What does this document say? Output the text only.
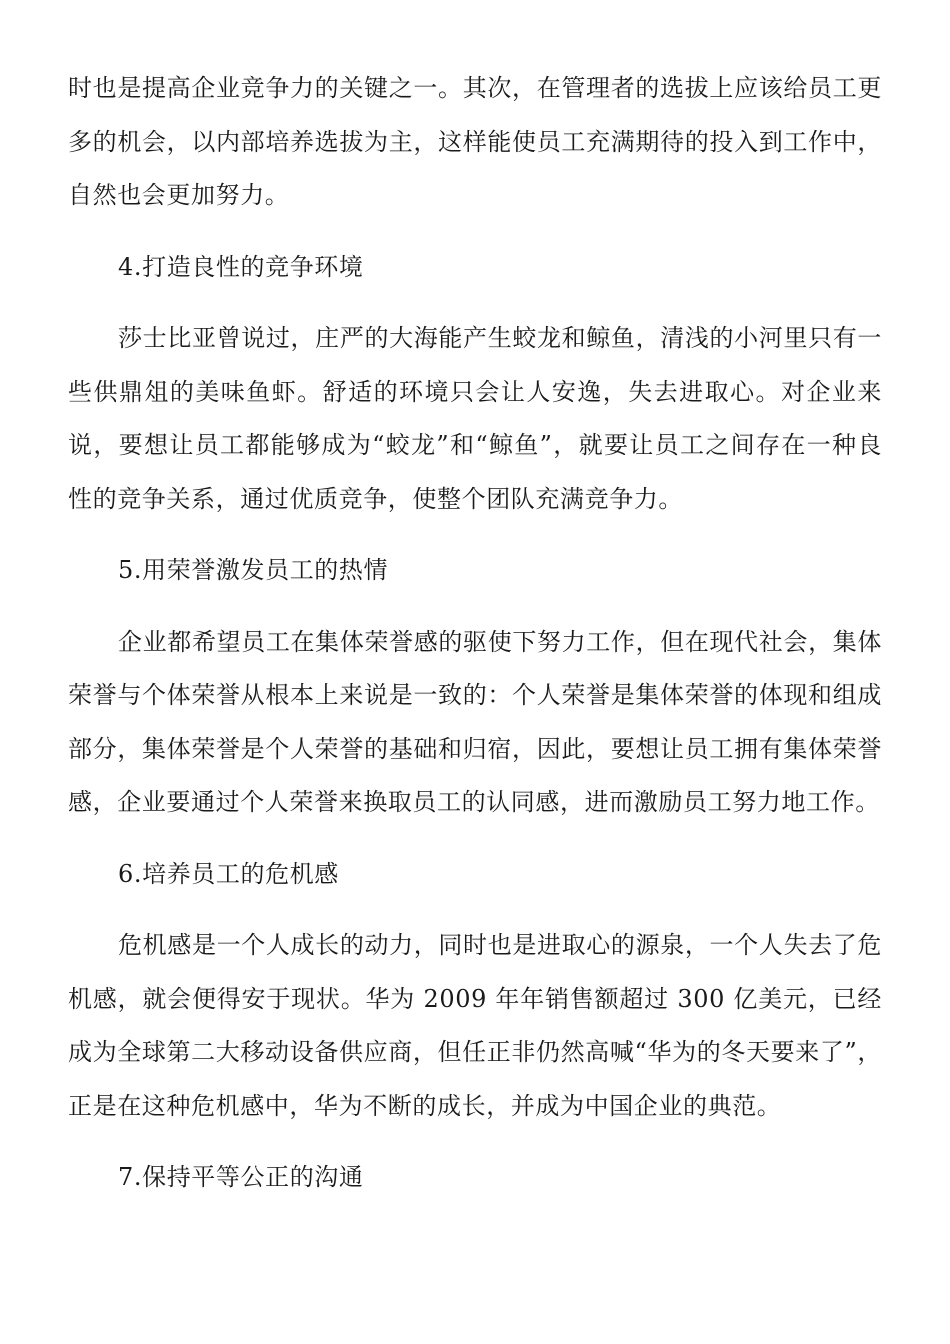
时也是提高企业竞争力的关键之一。其次，在管理者的选拔上应该给员工更多的机会，以内部培养选拔为主，这样能使员工充满期待的投入到工作中，自然也会更加努力。

4.打造良性的竞争环境

莎士比亚曾说过，庄严的大海能产生蛟龙和鲸鱼，清浅的小河里只有一些供鼎俎的美味鱼虾。舒适的环境只会让人安逸，失去进取心。对企业来说，要想让员工都能够成为“蛟龙”和“鲸鱼”，就要让员工之间存在一种良性的竞争关系，通过优质竞争，使整个团队充满竞争力。

5.用荣誉激发员工的热情

企业都希望员工在集体荣誉感的驱使下努力工作，但在现代社会，集体荣誉与个体荣誉从根本上来说是一致的：个人荣誉是集体荣誉的体现和组成部分，集体荣誉是个人荣誉的基础和归宿，因此，要想让员工拥有集体荣誉感，企业要通过个人荣誉来换取员工的认同感，进而激励员工努力地工作。

6.培养员工的危机感

危机感是一个人成长的动力，同时也是进取心的源泉，一个人失去了危机感，就会便得安于现状。华为 2009 年年销售额超过 300 亿美元，已经成为全球第二大移动设备供应商，但任正非仍然高喊“华为的冬天要来了”，正是在这种危机感中，华为不断的成长，并成为中国企业的典范。

7.保持平等公正的沟通
